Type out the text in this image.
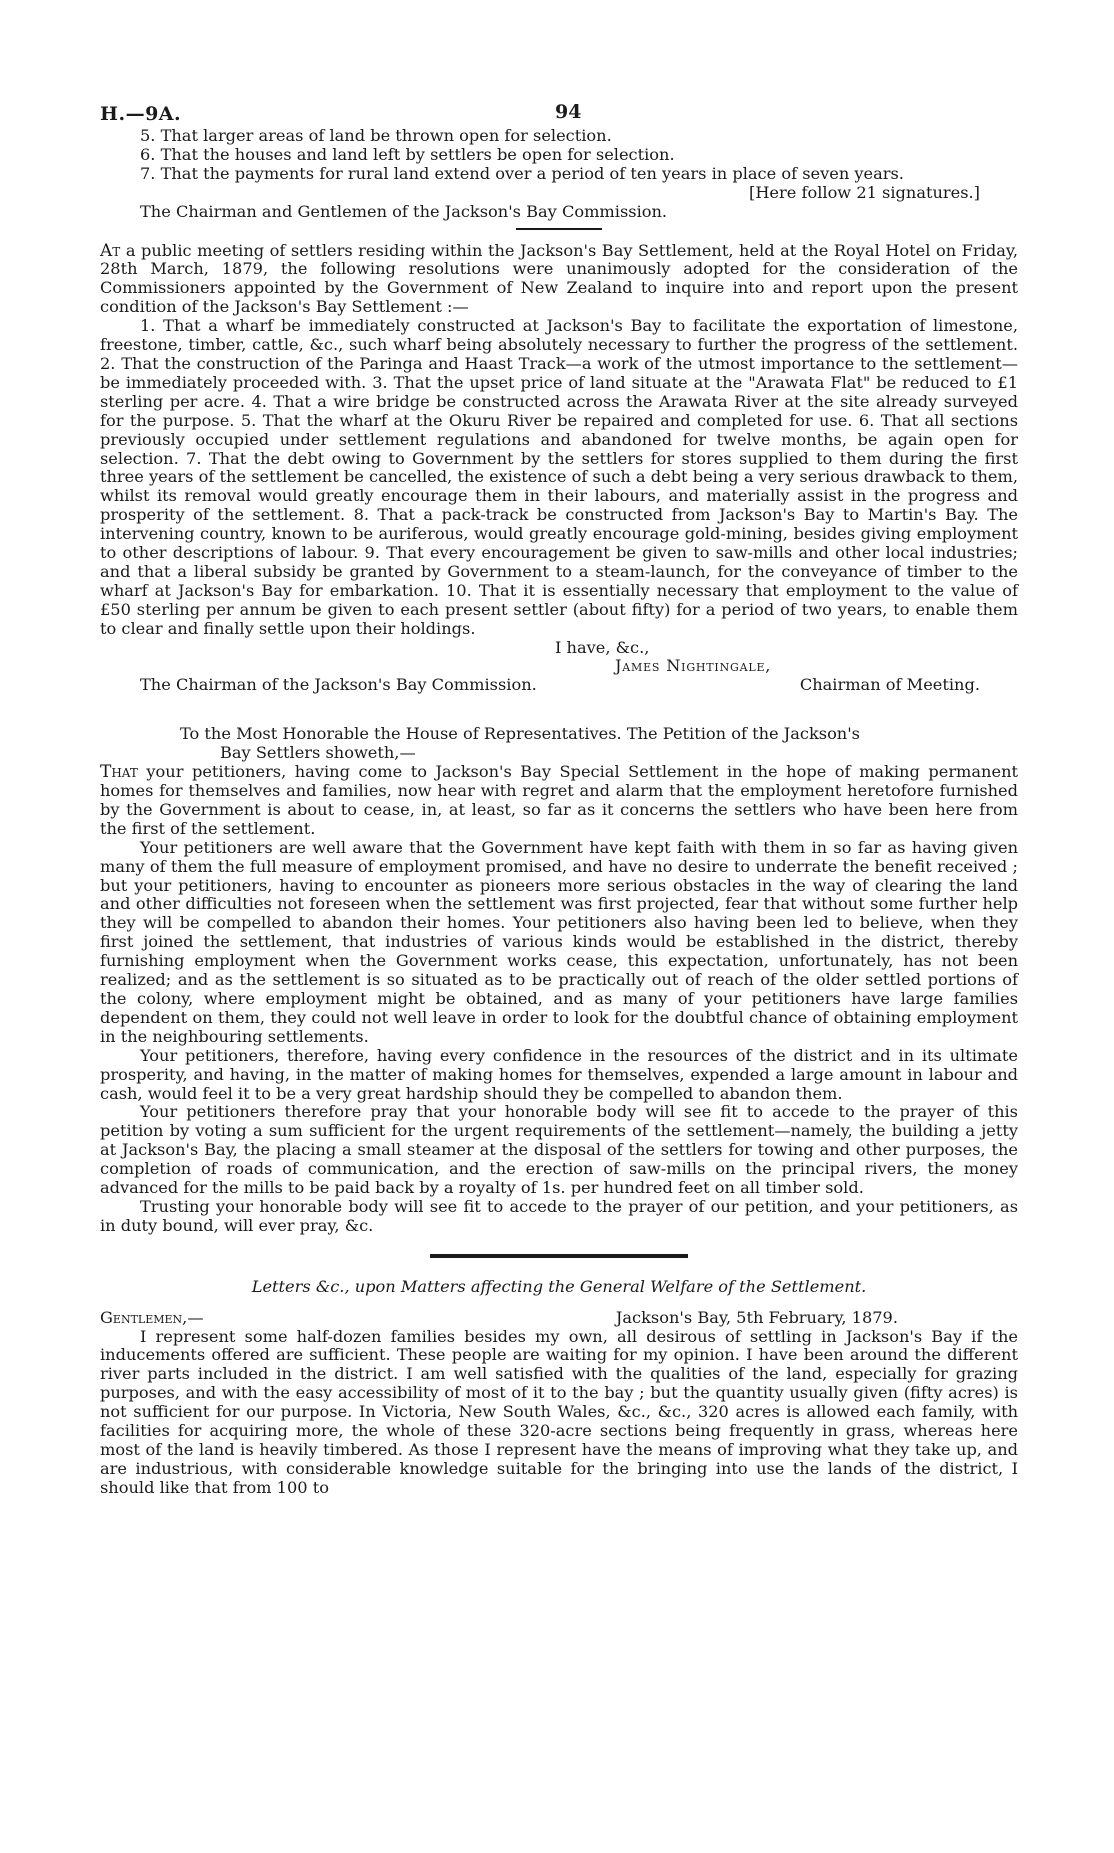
H.—9A.	94

5. That larger areas of land be thrown open for selection.

6. That the houses and land left by settlers be open for selection.

7. That the payments for rural land extend over a period of ten years in place of seven years.

[Here follow 21 signatures.]

The Chairman and Gentlemen of the Jackson's Bay Commission.

At a public meeting of settlers residing within the Jackson's Bay Settlement, held at the Royal Hotel on Friday, 28th March, 1879, the following resolutions were unanimously adopted for the consideration of the Commissioners appointed by the Government of New Zealand to inquire into and report upon the present condition of the Jackson's Bay Settlement :—

1. That a wharf be immediately constructed at Jackson's Bay to facilitate the exportation of limestone, freestone, timber, cattle, &c., such wharf being absolutely necessary to further the progress of the settlement. 2. That the construction of the Paringa and Haast Track—a work of the utmost importance to the settlement—be immediately proceeded with. 3. That the upset price of land situate at the "Arawata Flat" be reduced to £1 sterling per acre. 4. That a wire bridge be constructed across the Arawata River at the site already surveyed for the purpose. 5. That the wharf at the Okuru River be repaired and completed for use. 6. That all sections previously occupied under settlement regulations and abandoned for twelve months, be again open for selection. 7. That the debt owing to Government by the settlers for stores supplied to them during the first three years of the settlement be cancelled, the existence of such a debt being a very serious drawback to them, whilst its removal would greatly encourage them in their labours, and materially assist in the progress and prosperity of the settlement. 8. That a pack-track be constructed from Jackson's Bay to Martin's Bay. The intervening country, known to be auriferous, would greatly encourage gold-mining, besides giving employment to other descriptions of labour. 9. That every encouragement be given to saw-mills and other local industries; and that a liberal subsidy be granted by Government to a steam-launch, for the conveyance of timber to the wharf at Jackson's Bay for embarkation. 10. That it is essentially necessary that employment to the value of £50 sterling per annum be given to each present settler (about fifty) for a period of two years, to enable them to clear and finally settle upon their holdings.

I have, &c.,

James Nightingale,

The Chairman of the Jackson's Bay Commission.	Chairman of Meeting.

To the Most Honorable the House of Representatives. The Petition of the Jackson's

Bay Settlers showeth,—

That your petitioners, having come to Jackson's Bay Special Settlement in the hope of making permanent homes for themselves and families, now hear with regret and alarm that the employment heretofore furnished by the Government is about to cease, in, at least, so far as it concerns the settlers who have been here from the first of the settlement.

Your petitioners are well aware that the Government have kept faith with them in so far as having given many of them the full measure of employment promised, and have no desire to underrate the benefit received ; but your petitioners, having to encounter as pioneers more serious obstacles in the way of clearing the land and other difficulties not foreseen when the settlement was first projected, fear that without some further help they will be compelled to abandon their homes. Your petitioners also having been led to believe, when they first joined the settlement, that industries of various kinds would be established in the district, thereby furnishing employment when the Government works cease, this expectation, unfortunately, has not been realized; and as the settlement is so situated as to be practically out of reach of the older settled portions of the colony, where employment might be obtained, and as many of your petitioners have large families dependent on them, they could not well leave in order to look for the doubtful chance of obtaining employment in the neighbouring settlements.

Your petitioners, therefore, having every confidence in the resources of the district and in its ultimate prosperity, and having, in the matter of making homes for themselves, expended a large amount in labour and cash, would feel it to be a very great hardship should they be compelled to abandon them.

Your petitioners therefore pray that your honorable body will see fit to accede to the prayer of this petition by voting a sum sufficient for the urgent requirements of the settlement—namely, the building a jetty at Jackson's Bay, the placing a small steamer at the disposal of the settlers for towing and other purposes, the completion of roads of communication, and the erection of saw-mills on the principal rivers, the money advanced for the mills to be paid back by a royalty of 1s. per hundred feet on all timber sold.

Trusting your honorable body will see fit to accede to the prayer of our petition, and your petitioners, as in duty bound, will ever pray, &c.

Letters &c., upon Matters affecting the General Welfare of the Settlement.

Gentlemen,—	Jackson's Bay, 5th February, 1879.

I represent some half-dozen families besides my own, all desirous of settling in Jackson's Bay if the inducements offered are sufficient. These people are waiting for my opinion. I have been around the different river parts included in the district. I am well satisfied with the qualities of the land, especially for grazing purposes, and with the easy accessibility of most of it to the bay ; but the quantity usually given (fifty acres) is not sufficient for our purpose. In Victoria, New South Wales, &c., &c., 320 acres is allowed each family, with facilities for acquiring more, the whole of these 320-acre sections being frequently in grass, whereas here most of the land is heavily timbered. As those I represent have the means of improving what they take up, and are industrious, with considerable knowledge suitable for the bringing into use the lands of the district, I should like that from 100 to
